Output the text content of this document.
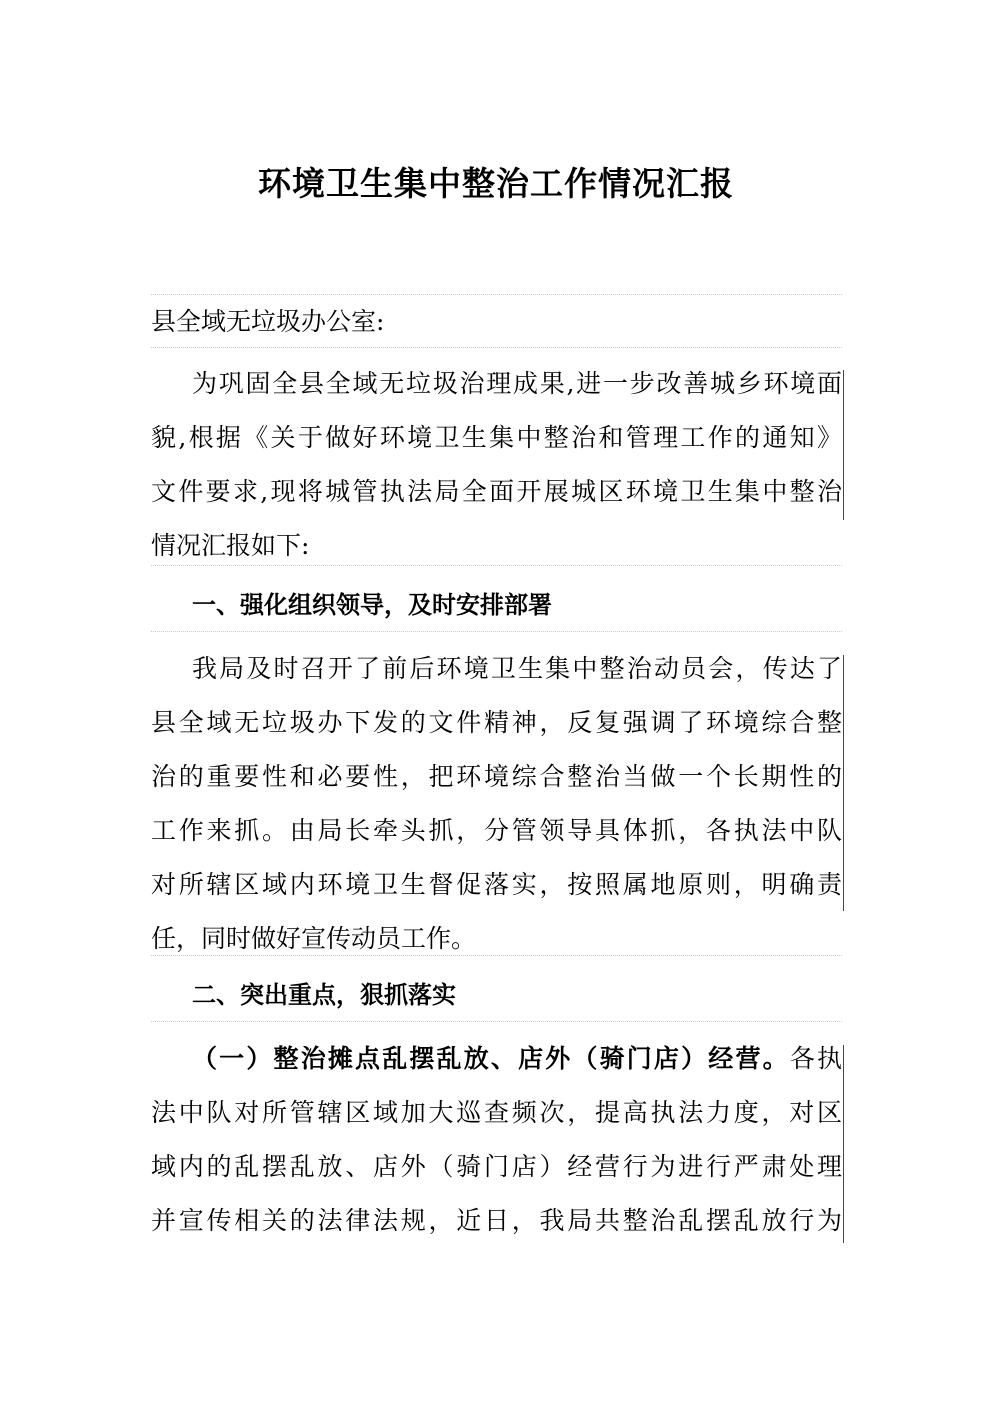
环境卫生集中整治工作情况汇报
县全域无垃圾办公室:
为巩固全县全域无垃圾治理成果,进一步改善城乡环境面
貌,根据《关于做好环境卫生集中整治和管理工作的通知》
文件要求,现将城管执法局全面开展城区环境卫生集中整治
情况汇报如下:
一、强化组织领导，及时安排部署
我局及时召开了前后环境卫生集中整治动员会，传达了
县全域无垃圾办下发的文件精神，反复强调了环境综合整
治的重要性和必要性，把环境综合整治当做一个长期性的
工作来抓。由局长牵头抓，分管领导具体抓，各执法中队
对所辖区域内环境卫生督促落实，按照属地原则，明确责
任，同时做好宣传动员工作。
二、突出重点，狠抓落实
（一）整治摊点乱摆乱放、店外（骑门店）经营。各执
法中队对所管辖区域加大巡查频次，提高执法力度，对区
域内的乱摆乱放、店外（骑门店）经营行为进行严肃处理
并宣传相关的法律法规，近日，我局共整治乱摆乱放行为
